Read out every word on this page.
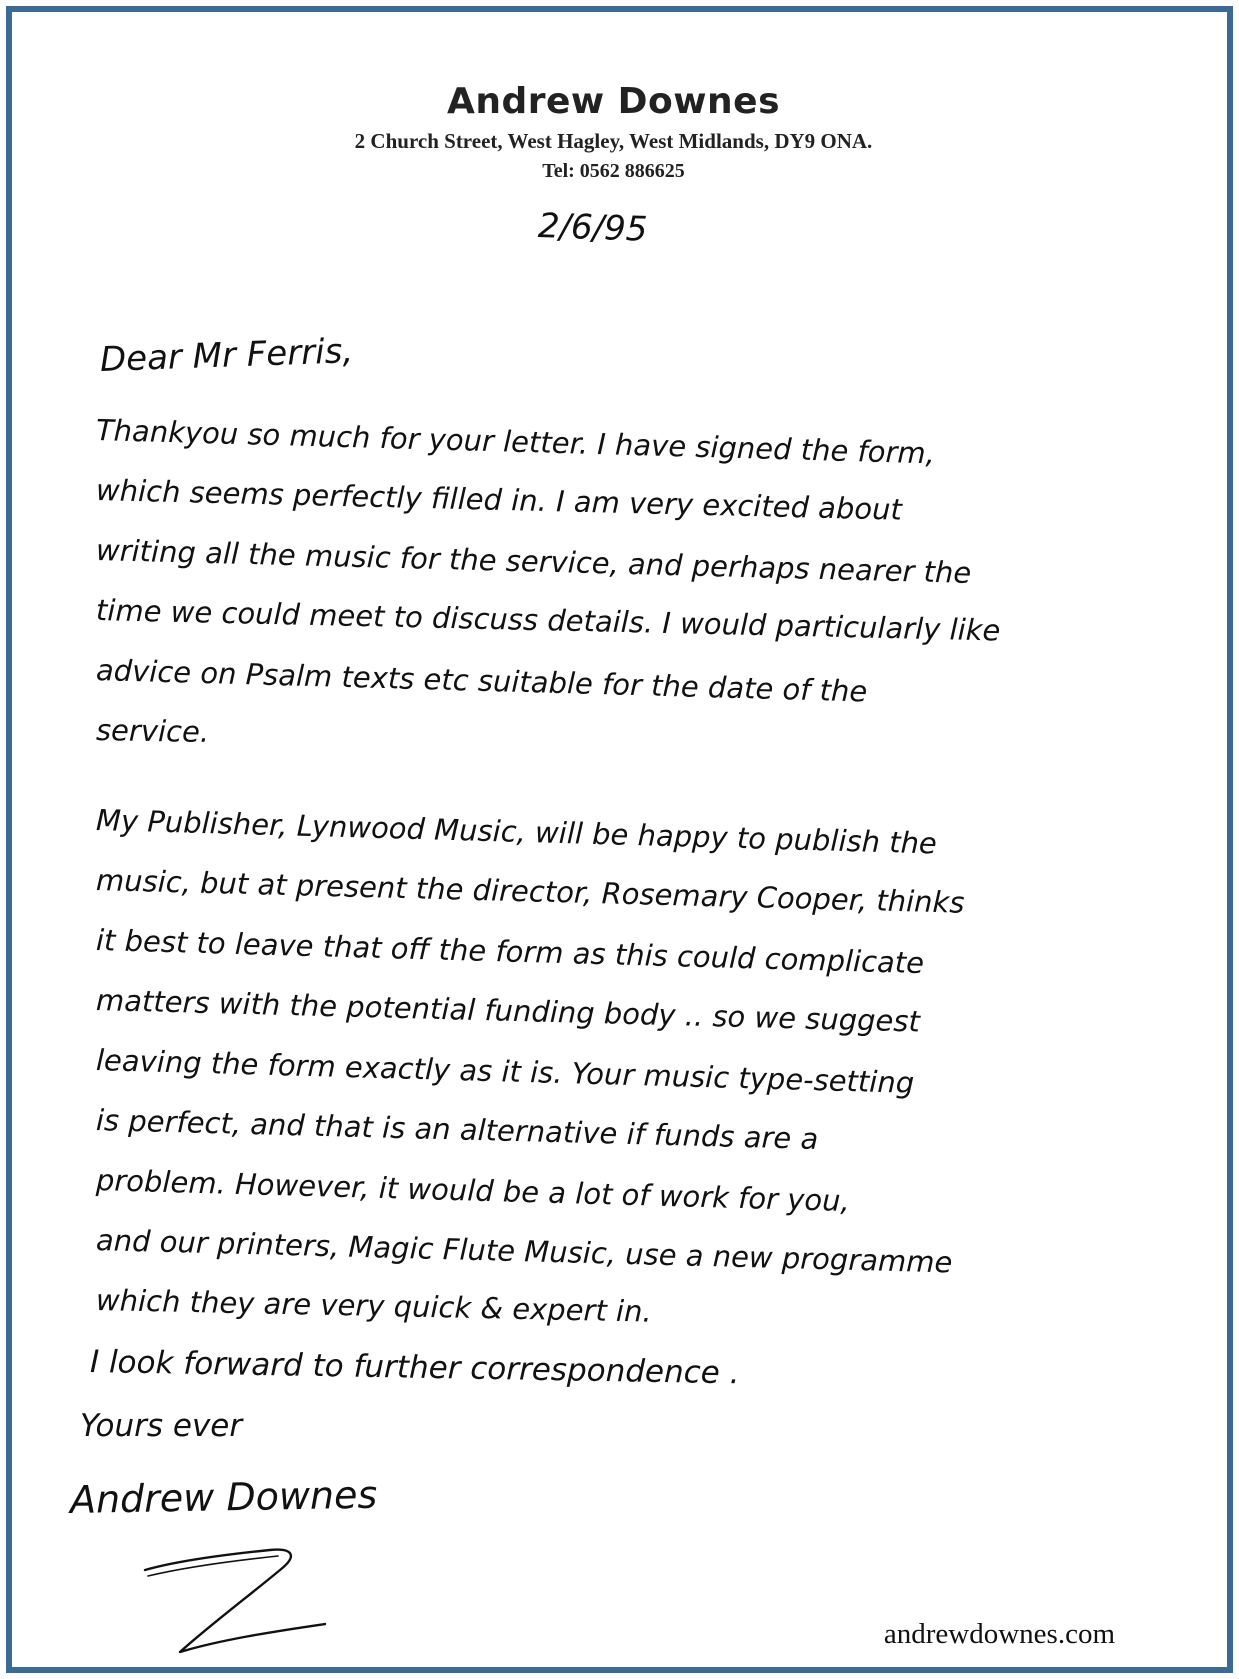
Andrew Downes
2 Church Street, West Hagley, West Midlands, DY9 ONA.
Tel: 0562 886625
2/6/95
Dear Mr Ferris,
Thankyou so much for your letter. I have signed the form,
which seems perfectly filled in. I am very excited about
writing all the music for the service, and perhaps nearer the
time we could meet to discuss details. I would particularly like
advice on Psalm texts etc suitable for the date of the
service.
My Publisher, Lynwood Music, will be happy to publish the
music, but at present the director, Rosemary Cooper, thinks
it best to leave that off the form as this could complicate
matters with the potential funding body .. so we suggest
leaving the form exactly as it is. Your music type-setting
is perfect, and that is an alternative if funds are a
problem. However, it would be a lot of work for you,
and our printers, Magic Flute Music, use a new programme
which they are very quick & expert in.
I look forward to further correspondence .
Yours ever
Andrew Downes
andrewdownes.com
